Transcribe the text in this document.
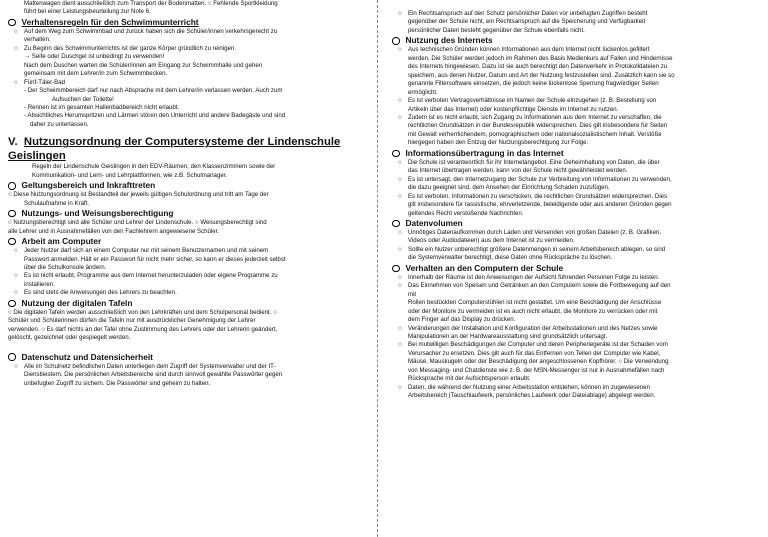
Mattenwagen dient ausschließlich zum Transport der Bodenmatten. ○ Fehlende Sportkleidung

führt bei einer Leistungsbeurteilung zur Note 6.

Verhaltensregeln für den Schwimmunterricht
○ Auf dem Weg zum Schwimmbad und zurück haben sich die Schüler/innen verkehrsgerecht zu
verhalten.
○ Zu Beginn des Schwimmunterrichts ist der ganze Körper gründlich zu reinigen.
→ Seife oder Duschgel ist unbedingt zu verwenden!
Nach dem Duschen warten die Schüler/innen am Eingang zur Schwimmhalle und gehen
gemeinsam mit dem Lehrer/in zum Schwimmbecken.
○ Fünf-Täler-Bad
- Der Schwimmbereich darf nur nach Absprache mit dem Lehrer/in verlassen werden. Auch zum
Aufsuchen der Toilette!
- Rennen ist im gesamten Hallenbadbereich nicht erlaubt.
- Absichtliches Herumspritzen und Lärmen stören den Unterricht und andere Badegäste und sind
daher zu unterlassen.
V. Nutzungsordnung der Computersysteme der Lindenschule
Geislingen

Regeln der Lindenschule Geislingen in den EDV-Räumen, den Klassenzimmern sowie der

Kommunikation- und Lern- und Lehrplattformen, wie z.B. Schulmanager.

Geltungsbereich und Inkrafttreten

○ Diese Nutzungsordnung ist Bestandteil der jeweils gültigen Schulordnung und tritt am Tage der

Schulaufnahme in Kraft.

Nutzungs- und Weisungsberechtigung

○ Nutzungsberechtigt sind alle Schüler und Lehrer der Lindenschule. ○ Weisungsberechtigt sind

alle Lehrer und in Ausnahmefällen von den Fachlehrern angewiesene Schüler.

Arbeit am Computer
○ Jeder Nutzer darf sich an einem Computer nur mit seinem Benutzernamen und mit seinem
Passwort anmelden. Hält er ein Passwort für nicht mehr sicher, so kann er dieses jederzeit selbst
über die Schulkonsole ändern.
○ Es ist nicht erlaubt, Programme aus dem Internet herunterzuladen oder eigene Programme zu
installieren.
○ Es sind stets die Anweisungen des Lehrers zu beachten.
Nutzung der digitalen Tafeln

○ Die digitalen Tafeln werden ausschließlich von den Lehrkräften und dem Schulpersonal bedient. ○

Schüler und Schülerinnen dürfen die Tafeln nur mit ausdrücklicher Genehmigung der Lehrer

verwenden. ○ Es darf nichts an der Tafel ohne Zustimmung des Lehrers oder der Lehrerin geändert,

gelöscht, gezeichnet oder gespiegelt werden.

Datenschutz und Datensicherheit
○ Alle im Schulnetz befindlichen Daten unterliegen dem Zugriff der Systemverwalter und der IT-
Dienstleistern. Die persönlichen Arbeitsbereiche sind durch sinnvoll gewählte Passwörter gegen
unbefugten Zugriff zu sichern. Die Passwörter sind geheim zu halten.
○ Ein Rechtsanspruch auf den Schutz persönlicher Daten vor unbefugten Zugriffen besteht
gegenüber der Schule nicht, ein Rechtsanspruch auf die Speicherung und Verfügbarkeit
persönlicher Daten besteht gegenüber der Schule ebenfalls nicht.
Nutzung des Internets
○ Aus technischen Gründen können Informationen aus dem Internet nicht lückenlos gefiltert
werden. Die Schüler werden jedoch im Rahmen des Basis Medienkurs auf Fallen und Hindernisse
des Internets hingewiesen. Dazu ist sie auch berechtigt den Datenverkehr in Protokolldateien zu
speichern, aus denen Nutzer, Datum und Art der Nutzung festzustellen sind. Zusätzlich kann sie so
genannte Filtersoftware einsetzen, die jedoch keine lückenlose Sperrung fragwürdiger Seiten
ermöglicht.
○ Es ist verboten Vertragsverhältnisse im Namen der Schule einzugehen (z. B. Bestellung von
Artikeln über das Internet) oder kostenpflichtige Dienste im Internet zu nutzen.
○ Zudem ist es nicht erlaubt, sich Zugang zu Informationen aus dem Internet zu verschaffen, die
rechtlichen Grundsätzen in der Bundesrepublik widersprechen. Dies gilt insbesondere für Seiten
mit Gewalt verherrlichendem, pornographischem oder nationalsozialistischem Inhalt. Verstöße
hiergegen haben den Entzug der Nutzungsberechtigung zur Folge.
Informationsübertragung in das Internet
○ Die Schule ist verantwortlich für ihr Internetangebot. Eine Geheimhaltung von Daten, die über
das Internet übertragen werden, kann von der Schule nicht gewährleistet werden.
○ Es ist untersagt, den Internetzugang der Schule zur Verbreitung von Informationen zu verwenden,
die dazu geeignet sind, dem Ansehen der Einrichtung Schaden zuzufügen.
○ Es ist verboten, Informationen zu verschicken, die rechtlichen Grundsätzen widersprechen. Dies
gilt insbesondere für rassistische, ehrverletzende, beleidigende oder aus anderen Gründen gegen
geltendes Recht verstoßende Nachrichten.
Datenvolumen
○ Unnötiges Datenaufkommen durch Laden und Versenden von großen Dateien (z. B. Grafiken,
Videos oder Audiodateien) aus dem Internet ist zu vermeiden.
○ Sollte ein Nutzer unberechtigt größere Datenmengen in seinem Arbeitsbereich ablegen, so sind
die Systemverwalter berechtigt, diese Daten ohne Rückspräche zu löschen.
Verhalten an den Computern der Schule
○ Innerhalb der Räume ist den Anweisungen der Aufsicht führenden Personen Folge zu leisten.
○ Das Einnehmen von Speisen und Getränken an den Computern sowie die Fortbewegung auf den
mit
Rollen bestückten Computerstühlen ist nicht gestattet. Um eine Beschädigung der Anschlüsse
oder der Monitore zu vermeiden ist es auch nicht erlaubt, die Monitore zu verrücken oder mit
dem Finger auf das Display zu drücken.
○ Veränderungen der Installation und Konfiguration der Arbeitsstationen und des Netzes sowie
Manipulationen an der Hardwareausstattung sind grundsätzlich untersagt.
○ Bei mutwilligen Beschädigungen der Computer und deren Peripheriegeräte ist der Schaden vom
Verursacher zu ersetzen. Dies gilt auch für das Entfernen von Teilen der Computer wie Kabel,
Mäuse, Mauskugeln oder der Beschädigung der angeschlossenen Kopfhörer. ○ Die Verwendung
von Messaging- und Chatdienste wie z. B. der MSN-Messenger ist nur in Ausnahmefällen nach
Rücksprache mit der Aufsichtsperson erlaubt.
○ Daten, die während der Nutzung einer Arbeitsstation entstehen, können im zugewiesenen
Arbeitsbereich (Tauschlaufwerk, persönliches Laufwerk oder Dateiablage) abgelegt werden.
